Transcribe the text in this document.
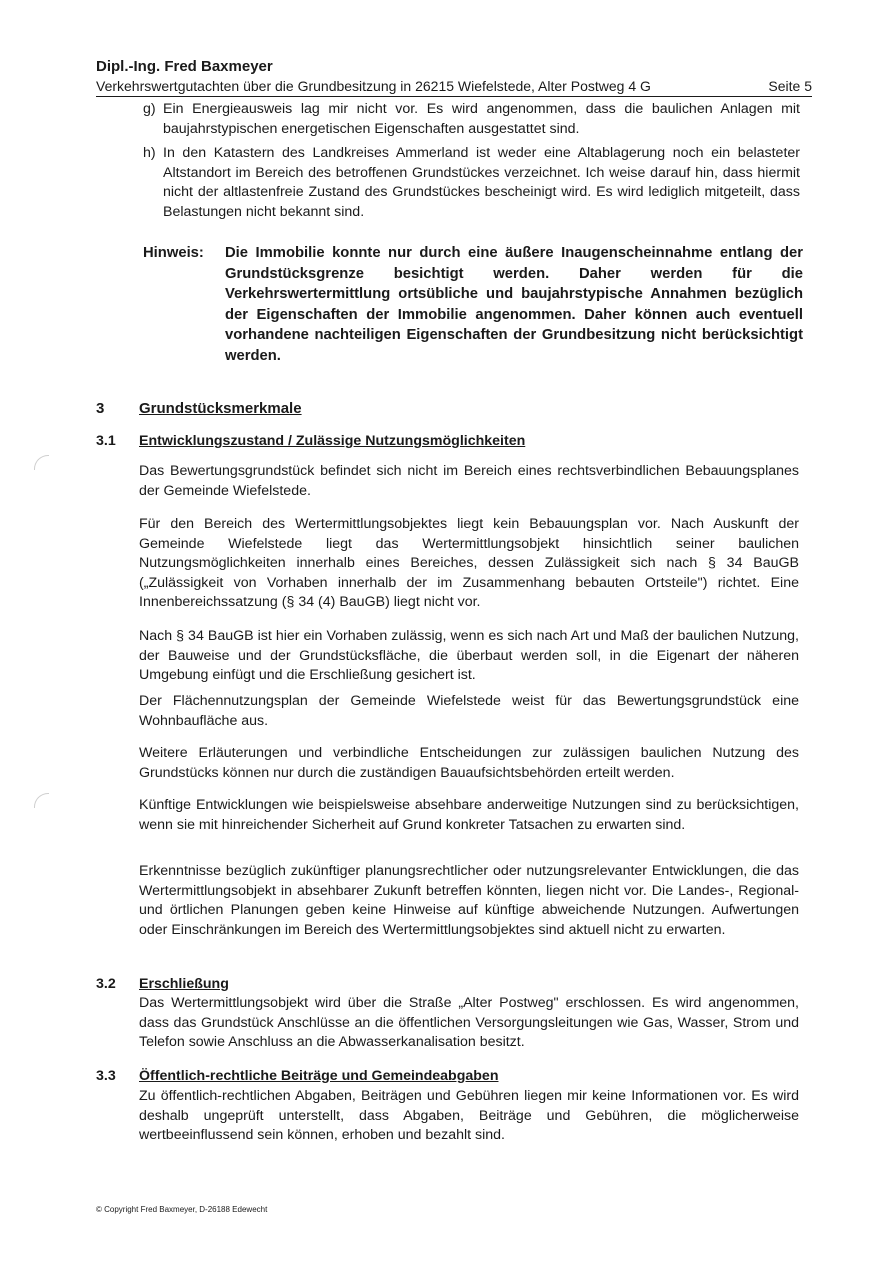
Dipl.-Ing. Fred Baxmeyer

Verkehrswertgutachten über die Grundbesitzung in 26215 Wiefelstede, Alter Postweg 4 G	Seite 5
g) Ein Energieausweis lag mir nicht vor. Es wird angenommen, dass die baulichen Anlagen mit baujahrstypischen energetischen Eigenschaften ausgestattet sind.

h) In den Katastern des Landkreises Ammerland ist weder eine Altablagerung noch ein belasteter Altstandort im Bereich des betroffenen Grundstückes verzeichnet. Ich weise darauf hin, dass hiermit nicht der altlastenfreie Zustand des Grundstückes bescheinigt wird. Es wird lediglich mitgeteilt, dass Belastungen nicht bekannt sind.

Hinweis: Die Immobilie konnte nur durch eine äußere Inaugenscheinnahme entlang der Grundstücksgrenze besichtigt werden. Daher werden für die Verkehrswertermittlung ortsübliche und baujahrstypische Annahmen bezüglich der Eigenschaften der Immobilie angenommen. Daher können auch eventuell vorhandene nachteiligen Eigenschaften der Grundbesitzung nicht berücksichtigt werden.

3 Grundstücksmerkmale
3.1 Entwicklungszustand / Zulässige Nutzungsmöglichkeiten

Das Bewertungsgrundstück befindet sich nicht im Bereich eines rechtsverbindlichen Bebauungsplanes der Gemeinde Wiefelstede.

Für den Bereich des Wertermittlungsobjektes liegt kein Bebauungsplan vor. Nach Auskunft der Gemeinde Wiefelstede liegt das Wertermittlungsobjekt hinsichtlich seiner baulichen Nutzungsmöglichkeiten innerhalb eines Bereiches, dessen Zulässigkeit sich nach § 34 BauGB („Zulässigkeit von Vorhaben innerhalb der im Zusammenhang bebauten Ortsteile") richtet. Eine Innenbereichssatzung (§ 34 (4) BauGB) liegt nicht vor.

Nach § 34 BauGB ist hier ein Vorhaben zulässig, wenn es sich nach Art und Maß der baulichen Nutzung, der Bauweise und der Grundstücksfläche, die überbaut werden soll, in die Eigenart der näheren Umgebung einfügt und die Erschließung gesichert ist.

Der Flächennutzungsplan der Gemeinde Wiefelstede weist für das Bewertungsgrundstück eine Wohnbaufläche aus.

Weitere Erläuterungen und verbindliche Entscheidungen zur zulässigen baulichen Nutzung des Grundstücks können nur durch die zuständigen Bauaufsichtsbehörden erteilt werden.

Künftige Entwicklungen wie beispielsweise absehbare anderweitige Nutzungen sind zu berücksichtigen, wenn sie mit hinreichender Sicherheit auf Grund konkreter Tatsachen zu erwarten sind.

Erkenntnisse bezüglich zukünftiger planungsrechtlicher oder nutzungsrelevanter Entwicklungen, die das Wertermittlungsobjekt in absehbarer Zukunft betreffen könnten, liegen nicht vor. Die Landes-, Regional- und örtlichen Planungen geben keine Hinweise auf künftige abweichende Nutzungen. Aufwertungen oder Einschränkungen im Bereich des Wertermittlungsobjektes sind aktuell nicht zu erwarten.

3.2 Erschließung

Das Wertermittlungsobjekt wird über die Straße „Alter Postweg" erschlossen. Es wird angenommen, dass das Grundstück Anschlüsse an die öffentlichen Versorgungsleitungen wie Gas, Wasser, Strom und Telefon sowie Anschluss an die Abwasserkanalisation besitzt.

3.3 Öffentlich-rechtliche Beiträge und Gemeindeabgaben

Zu öffentlich-rechtlichen Abgaben, Beiträgen und Gebühren liegen mir keine Informationen vor. Es wird deshalb ungeprüft unterstellt, dass Abgaben, Beiträge und Gebühren, die möglicherweise wertbeeinflussend sein können, erhoben und bezahlt sind.

© Copyright Fred Baxmeyer, D-26188 Edewecht
